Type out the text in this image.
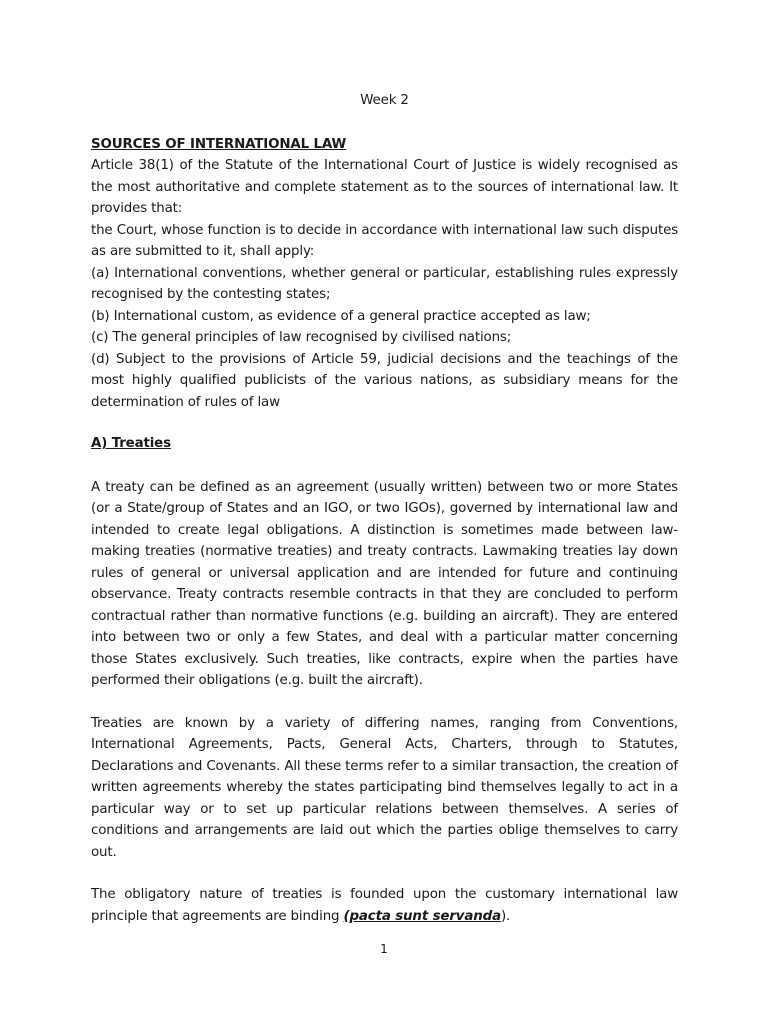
Week 2

SOURCES OF INTERNATIONAL LAW

Article 38(1) of the Statute of the International Court of Justice is widely recognised as the most authoritative and complete statement as to the sources of international law. It provides that:

the Court, whose function is to decide in accordance with international law such disputes as are submitted to it, shall apply:

(a) International conventions, whether general or particular, establishing rules expressly recognised by the contesting states;

(b) International custom, as evidence of a general practice accepted as law;

(c) The general principles of law recognised by civilised nations;

(d) Subject to the provisions of Article 59, judicial decisions and the teachings of the most highly qualified publicists of the various nations, as subsidiary means for the determination of rules of law

A) Treaties

A treaty can be defined as an agreement (usually written) between two or more States (or a State/group of States and an IGO, or two IGOs), governed by international law and intended to create legal obligations. A distinction is sometimes made between law-making treaties (normative treaties) and treaty contracts. Lawmaking treaties lay down rules of general or universal application and are intended for future and continuing observance. Treaty contracts resemble contracts in that they are concluded to perform contractual rather than normative functions (e.g. building an aircraft). They are entered into between two or only a few States, and deal with a particular matter concerning those States exclusively. Such treaties, like contracts, expire when the parties have performed their obligations (e.g. built the aircraft).

Treaties are known by a variety of differing names, ranging from Conventions, International Agreements, Pacts, General Acts, Charters, through to Statutes, Declarations and Covenants. All these terms refer to a similar transaction, the creation of written agreements whereby the states participating bind themselves legally to act in a particular way or to set up particular relations between themselves. A series of conditions and arrangements are laid out which the parties oblige themselves to carry out.

The obligatory nature of treaties is founded upon the customary international law principle that agreements are binding (pacta sunt servanda).

1
